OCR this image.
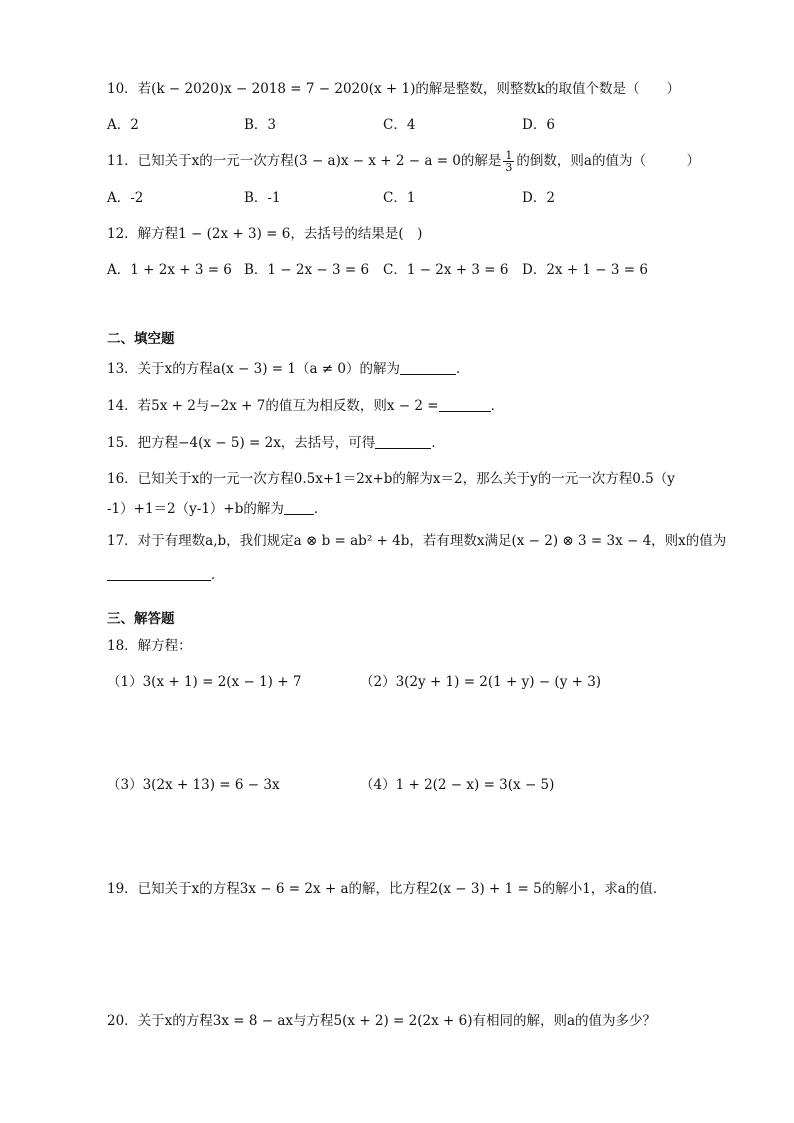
10．若(k − 2020)x − 2018 = 7 − 2020(x + 1)的解是整数，则整数k的取值个数是（　　）
A．2	B．3	C．4	D．6
11．已知关于x的一元一次方程(3 − a)x − x + 2 − a = 0的解是 $\frac{1}{3}$ 的倒数，则a的值为（　　　）
A．-2	B．-1	C．1	D．2
12．解方程1 − (2x + 3) = 6，去括号的结果是(　)
A．1 + 2x + 3 = 6 B．1 − 2x − 3 = 6 C．1 − 2x + 3 = 6 D．2x + 1 − 3 = 6
二、填空题
13．关于x的方程a(x − 3) = 1（a ≠ 0）的解为	．
14．若5x + 2与−2x + 7的值互为相反数，则x − 2 =	．
15．把方程−4(x − 5) = 2x，去括号，可得	．
16．已知关于x的一元一次方程0.5x+1＝2x+b的解为x＝2，那么关于y的一元一次方程0.5（y
-1）+1＝2（y-1）+b的解为 ．
17．对于有理数a,b，我们规定a ⊗ b = ab² + 4b，若有理数x满足(x − 2) ⊗ 3 = 3x − 4，则x的值为
．
三、解答题
18．解方程：
（1）3(x + 1) = 2(x − 1) + 7	（2）3(2y + 1) = 2(1 + y) − (y + 3)
（3）3(2x + 13) = 6 − 3x	（4）1 + 2(2 − x) = 3(x − 5)
19．已知关于x的方程3x − 6 = 2x + a的解，比方程2(x − 3) + 1 = 5的解小1，求a的值．
20．关于x的方程3x = 8 − ax与方程5(x + 2) = 2(2x + 6)有相同的解，则a的值为多少？
